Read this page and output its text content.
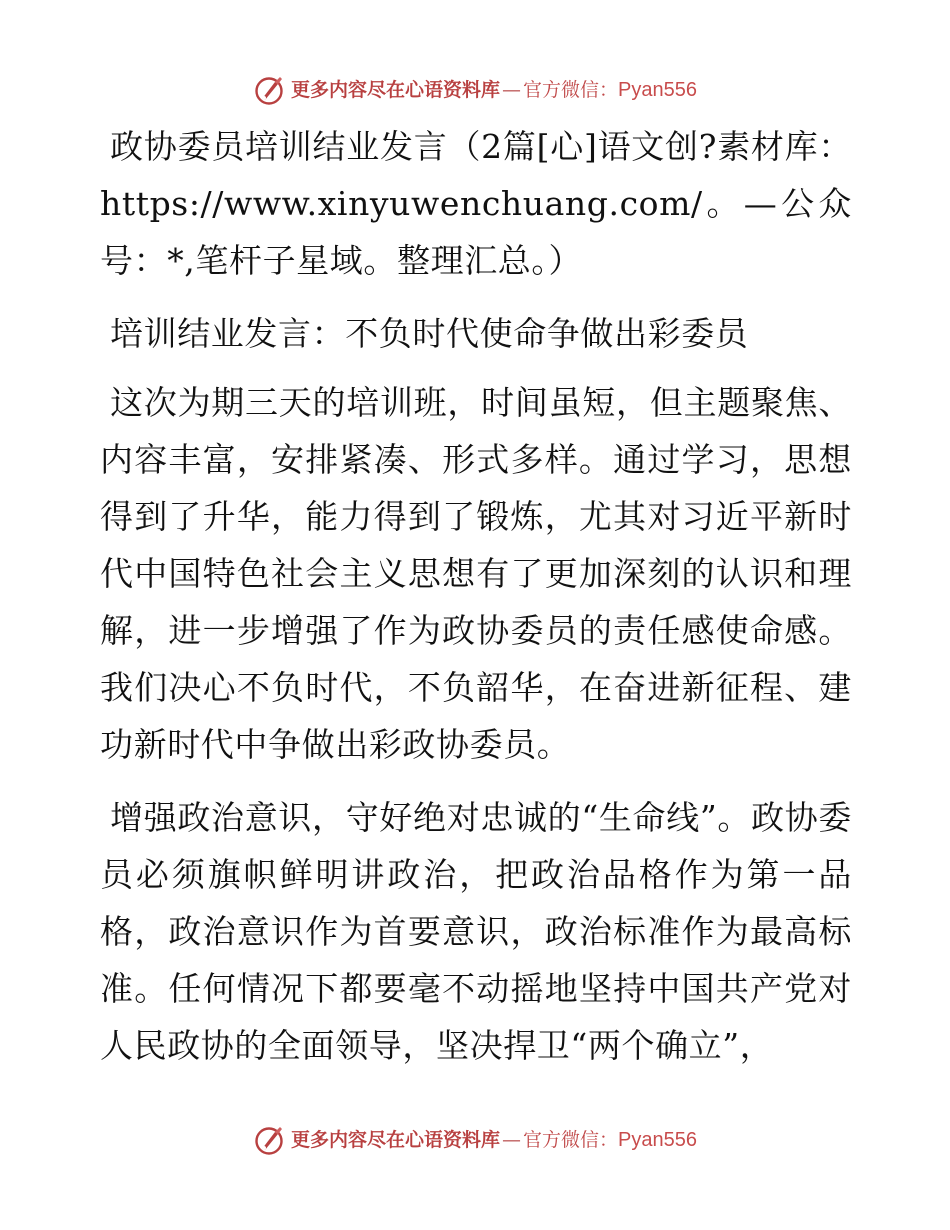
更多内容尽在心语资料库 — 官方微信： Pyan556

政协委员培训结业发言（2篇[心]语文创?素材库：https://www.xinyuwenchuang.com/。—公众号：*,笔杆子星域。整理汇总。）

培训结业发言：不负时代使命争做出彩委员

这次为期三天的培训班，时间虽短，但主题聚焦、内容丰富，安排紧凑、形式多样。通过学习，思想得到了升华，能力得到了锻炼，尤其对习近平新时代中国特色社会主义思想有了更加深刻的认识和理解，进一步增强了作为政协委员的责任感使命感。我们决心不负时代，不负韶华，在奋进新征程、建功新时代中争做出彩政协委员。

增强政治意识，守好绝对忠诚的“生命线”。政协委员必须旗帜鲜明讲政治，把政治品格作为第一品格，政治意识作为首要意识，政治标准作为最高标准。任何情况下都要毫不动摇地坚持中国共产党对人民政协的全面领导，坚决捍卫“两个确立”，

更多内容尽在心语资料库 — 官方微信： Pyan556
